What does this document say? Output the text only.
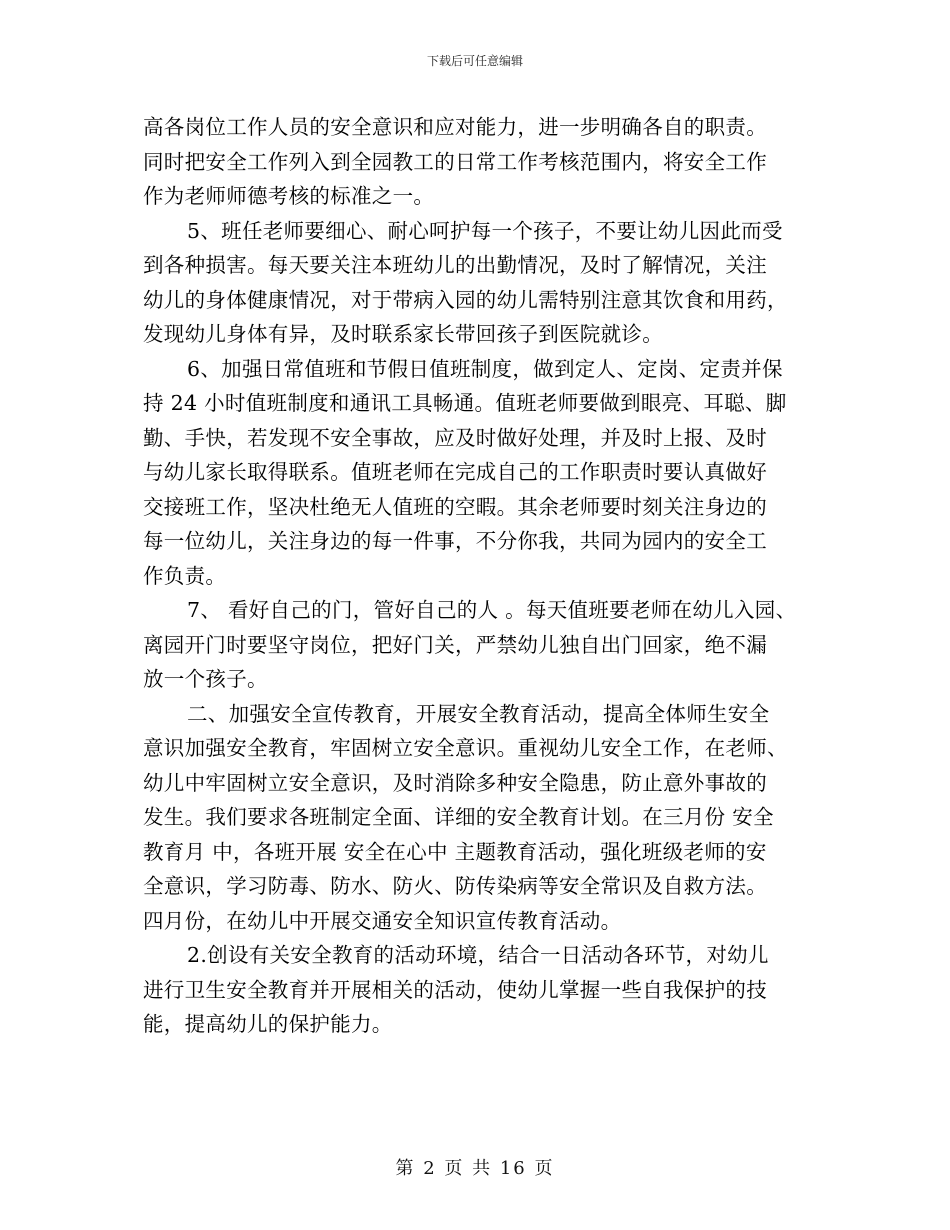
下载后可任意编辑
高各岗位工作人员的安全意识和应对能力，进一步明确各自的职责。
同时把安全工作列入到全园教工的日常工作考核范围内，将安全工作
作为老师师德考核的标准之一。
5、班任老师要细心、耐心呵护每一个孩子，不要让幼儿因此而受
到各种损害。每天要关注本班幼儿的出勤情况，及时了解情况，关注
幼儿的身体健康情况，对于带病入园的幼儿需特别注意其饮食和用药，
发现幼儿身体有异，及时联系家长带回孩子到医院就诊。
6、加强日常值班和节假日值班制度，做到定人、定岗、定责并保
持 24 小时值班制度和通讯工具畅通。值班老师要做到眼亮、耳聪、脚
勤、手快，若发现不安全事故，应及时做好处理，并及时上报、及时
与幼儿家长取得联系。值班老师在完成自己的工作职责时要认真做好
交接班工作，坚决杜绝无人值班的空暇。其余老师要时刻关注身边的
每一位幼儿，关注身边的每一件事，不分你我，共同为园内的安全工
作负责。
7、 看好自己的门，管好自己的人 。每天值班要老师在幼儿入园、
离园开门时要坚守岗位，把好门关，严禁幼儿独自出门回家，绝不漏
放一个孩子。
二、加强安全宣传教育，开展安全教育活动，提高全体师生安全
意识加强安全教育，牢固树立安全意识。重视幼儿安全工作，在老师、
幼儿中牢固树立安全意识，及时消除多种安全隐患，防止意外事故的
发生。我们要求各班制定全面、详细的安全教育计划。在三月份 安全
教育月 中，各班开展 安全在心中 主题教育活动，强化班级老师的安
全意识，学习防毒、防水、防火、防传染病等安全常识及自救方法。
四月份，在幼儿中开展交通安全知识宣传教育活动。
2.创设有关安全教育的活动环境，结合一日活动各环节，对幼儿
进行卫生安全教育并开展相关的活动，使幼儿掌握一些自我保护的技
能，提高幼儿的保护能力。
第 2 页 共 16 页
